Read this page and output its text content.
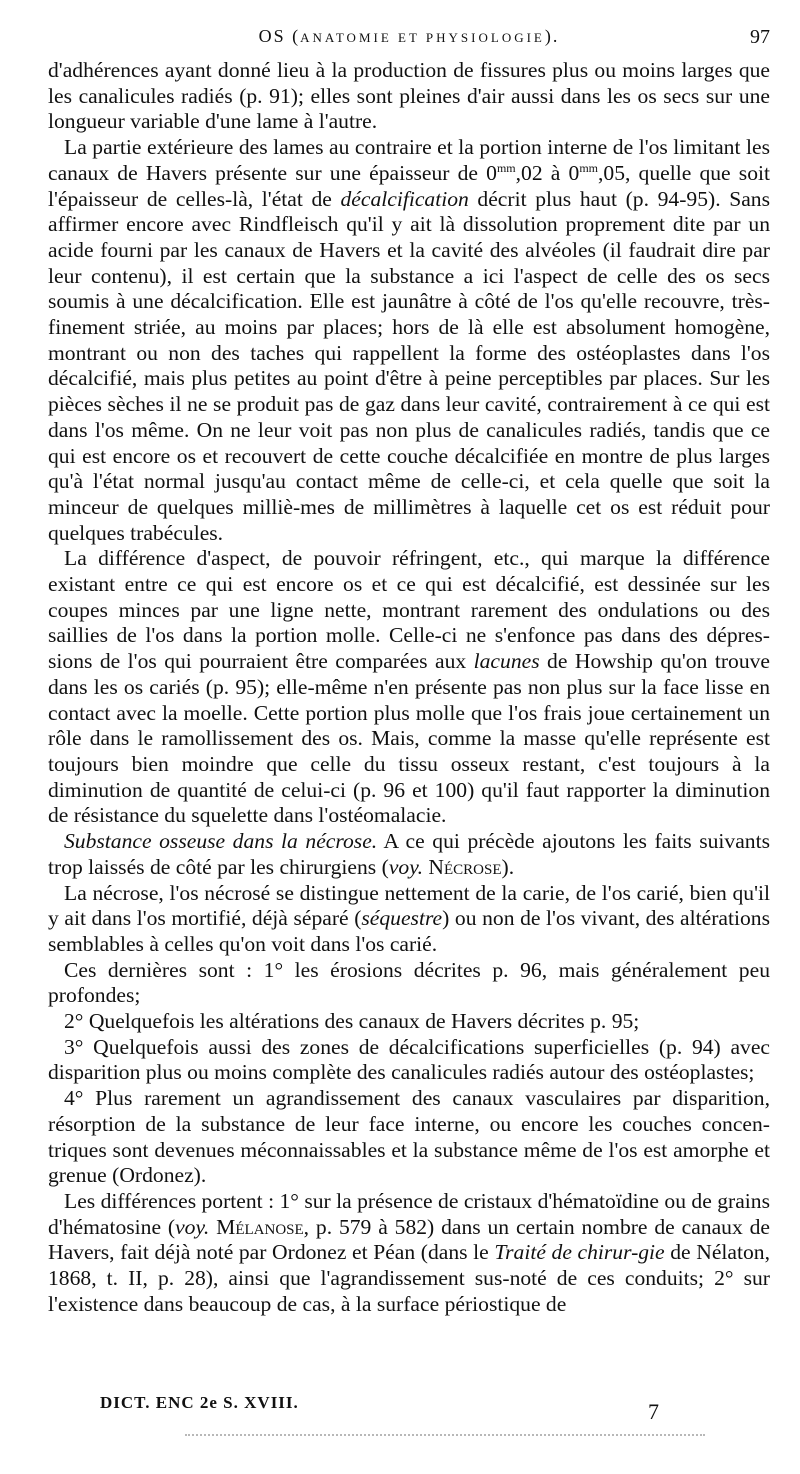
OS (ANATOMIE ET PHYSIOLOGIE).	97

d'adhérences ayant donné lieu à la production de fissures plus ou moins larges que les canalicules radiés (p. 91); elles sont pleines d'air aussi dans les os secs sur une longueur variable d'une lame à l'autre.

La partie extérieure des lames au contraire et la portion interne de l'os limitant les canaux de Havers présente sur une épaisseur de $0^{mm},02$ à $0^{mm},05$, quelle que soit l'épaisseur de celles-là, l'état de décalcification décrit plus haut (p. 94-95). Sans affirmer encore avec Rindfleisch qu'il y ait là dissolution proprement dite par un acide fourni par les canaux de Havers et la cavité des alvéoles (il faudrait dire par leur contenu), il est certain que la substance a ici l'aspect de celle des os secs soumis à une décalcification. Elle est jaunâtre à côté de l'os qu'elle recouvre, très-finement striée, au moins par places; hors de là elle est absolument homogène, montrant ou non des taches qui rappellent la forme des ostéoplastes dans l'os décalcifié, mais plus petites au point d'être à peine perceptibles par places. Sur les pièces sèches il ne se produit pas de gaz dans leur cavité, contrairement à ce qui est dans l'os même. On ne leur voit pas non plus de canalicules radiés, tandis que ce qui est encore os et recouvert de cette couche décalcifiée en montre de plus larges qu'à l'état normal jusqu'au contact même de celle-ci, et cela quelle que soit la minceur de quelques milliè-mes de millimètres à laquelle cet os est réduit pour quelques trabécules.

La différence d'aspect, de pouvoir réfringent, etc., qui marque la différence existant entre ce qui est encore os et ce qui est décalcifié, est dessinée sur les coupes minces par une ligne nette, montrant rarement des ondulations ou des saillies de l'os dans la portion molle. Celle-ci ne s'enfonce pas dans des dépres-sions de l'os qui pourraient être comparées aux lacunes de Howship qu'on trouve dans les os cariés (p. 95); elle-même n'en présente pas non plus sur la face lisse en contact avec la moelle. Cette portion plus molle que l'os frais joue certainement un rôle dans le ramollissement des os. Mais, comme la masse qu'elle représente est toujours bien moindre que celle du tissu osseux restant, c'est toujours à la diminution de quantité de celui-ci (p. 96 et 100) qu'il faut rapporter la diminution de résistance du squelette dans l'ostéomalacie.

Substance osseuse dans la nécrose. A ce qui précède ajoutons les faits suivants trop laissés de côté par les chirurgiens (voy. Nécrose).

La nécrose, l'os nécrosé se distingue nettement de la carie, de l'os carié, bien qu'il y ait dans l'os mortifié, déjà séparé (séquestre) ou non de l'os vivant, des altérations semblables à celles qu'on voit dans l'os carié.

Ces dernières sont : 1° les érosions décrites p. 96, mais généralement peu profondes;

2° Quelquefois les altérations des canaux de Havers décrites p. 95;

3° Quelquefois aussi des zones de décalcifications superficielles (p. 94) avec disparition plus ou moins complète des canalicules radiés autour des ostéoplastes;

4° Plus rarement un agrandissement des canaux vasculaires par disparition, résorption de la substance de leur face interne, ou encore les couches concen-triques sont devenues méconnaissables et la substance même de l'os est amorphe et grenue (Ordonez).

Les différences portent : 1° sur la présence de cristaux d'hématoïdine ou de grains d'hématosine (voy. Mélanose, p. 579 à 582) dans un certain nombre de canaux de Havers, fait déjà noté par Ordonez et Péan (dans le Traité de chirur-gie de Nélaton, 1868, t. II, p. 28), ainsi que l'agrandissement sus-noté de ces conduits; 2° sur l'existence dans beaucoup de cas, à la surface périostique de

DICT. ENC 2e S. XVIII.	7
